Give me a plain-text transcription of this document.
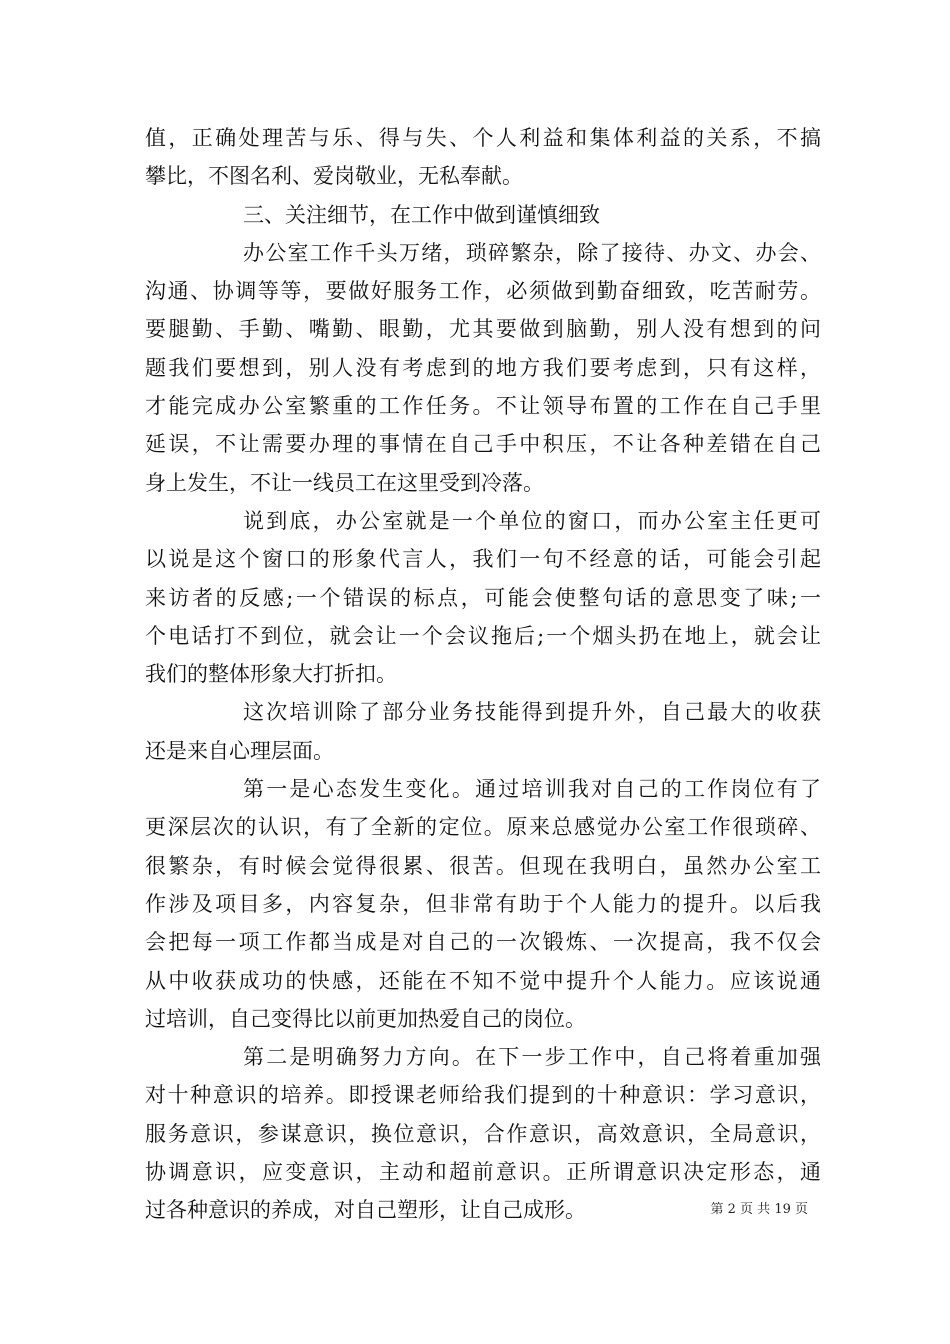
值，正确处理苦与乐、得与失、个人利益和集体利益的关系，不搞
攀比，不图名利、爱岗敬业，无私奉献。
三、关注细节，在工作中做到谨慎细致
办公室工作千头万绪，琐碎繁杂，除了接待、办文、办会、
沟通、协调等等，要做好服务工作，必须做到勤奋细致，吃苦耐劳。
要腿勤、手勤、嘴勤、眼勤，尤其要做到脑勤，别人没有想到的问
题我们要想到，别人没有考虑到的地方我们要考虑到，只有这样，
才能完成办公室繁重的工作任务。不让领导布置的工作在自己手里
延误，不让需要办理的事情在自己手中积压，不让各种差错在自己
身上发生，不让一线员工在这里受到冷落。
说到底，办公室就是一个单位的窗口，而办公室主任更可
以说是这个窗口的形象代言人，我们一句不经意的话，可能会引起
来访者的反感;一个错误的标点，可能会使整句话的意思变了味;一
个电话打不到位，就会让一个会议拖后;一个烟头扔在地上，就会让
我们的整体形象大打折扣。
这次培训除了部分业务技能得到提升外，自己最大的收获
还是来自心理层面。
第一是心态发生变化。通过培训我对自己的工作岗位有了
更深层次的认识，有了全新的定位。原来总感觉办公室工作很琐碎、
很繁杂，有时候会觉得很累、很苦。但现在我明白，虽然办公室工
作涉及项目多，内容复杂，但非常有助于个人能力的提升。以后我
会把每一项工作都当成是对自己的一次锻炼、一次提高，我不仅会
从中收获成功的快感，还能在不知不觉中提升个人能力。应该说通
过培训，自己变得比以前更加热爱自己的岗位。
第二是明确努力方向。在下一步工作中，自己将着重加强
对十种意识的培养。即授课老师给我们提到的十种意识：学习意识，
服务意识，参谋意识，换位意识，合作意识，高效意识，全局意识，
协调意识，应变意识，主动和超前意识。正所谓意识决定形态，通
过各种意识的养成，对自己塑形，让自己成形。	第 2 页 共 19 页
